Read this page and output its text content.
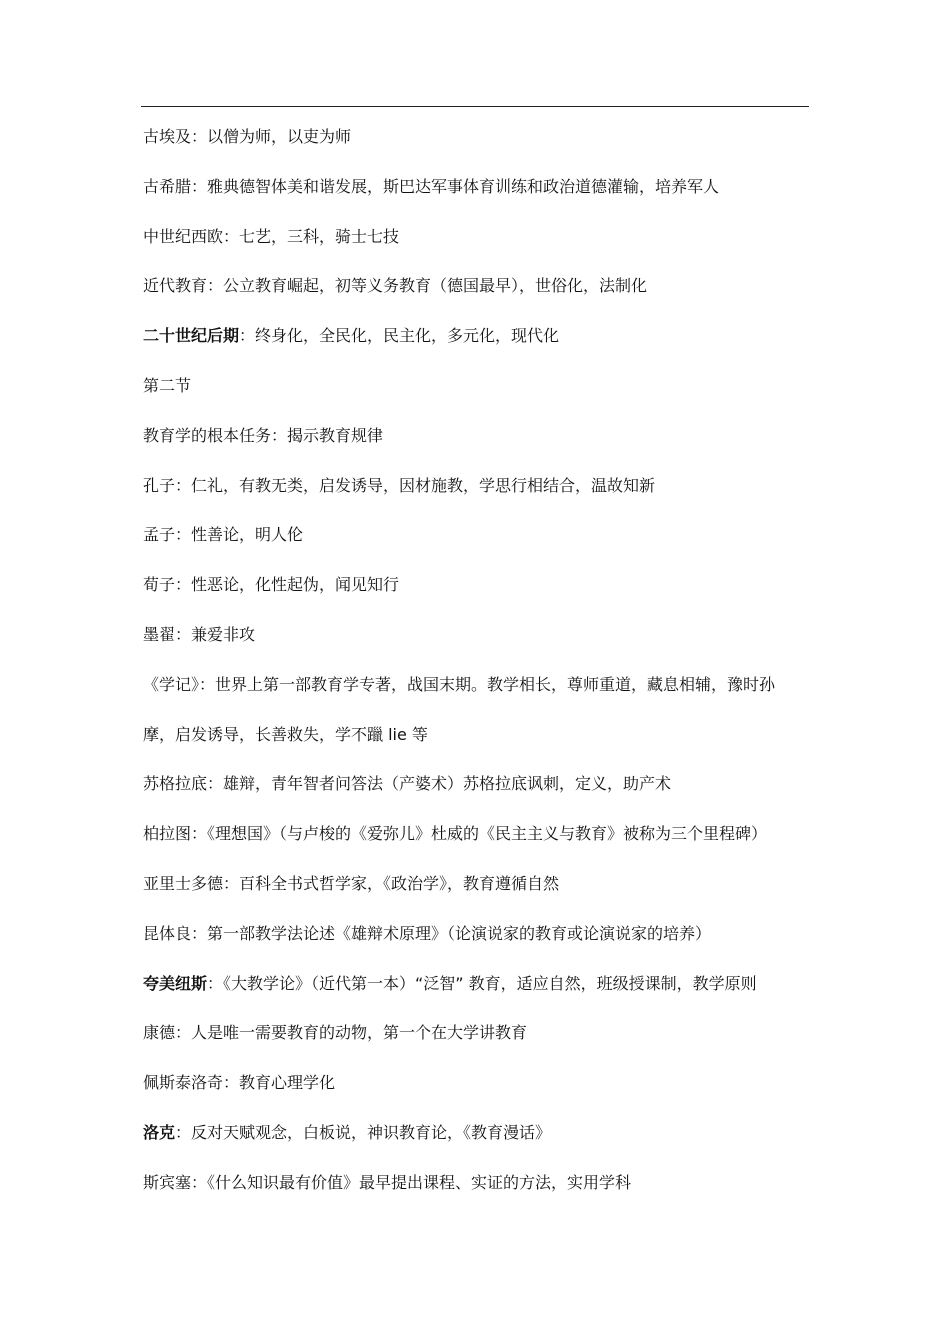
古埃及：以僧为师，以吏为师
古希腊：雅典德智体美和谐发展，斯巴达军事体育训练和政治道德灌输，培养军人
中世纪西欧：七艺，三科，骑士七技
近代教育：公立教育崛起，初等义务教育（德国最早），世俗化，法制化
二十世纪后期：终身化，全民化，民主化，多元化，现代化
第二节
教育学的根本任务：揭示教育规律
孔子：仁礼，有教无类，启发诱导，因材施教，学思行相结合，温故知新
孟子：性善论，明人伦
荀子：性恶论，化性起伪，闻见知行
墨翟：兼爱非攻
《学记》：世界上第一部教育学专著，战国末期。教学相长，尊师重道，藏息相辅，豫时孙
摩，启发诱导，长善救失，学不躐 lie 等
苏格拉底：雄辩，青年智者问答法（产婆术）苏格拉底讽刺，定义，助产术
柏拉图：《理想国》（与卢梭的《爱弥儿》杜威的《民主主义与教育》被称为三个里程碑）
亚里士多德：百科全书式哲学家，《政治学》，教育遵循自然
昆体良：第一部教学法论述《雄辩术原理》（论演说家的教育或论演说家的培养）
夸美纽斯：《大教学论》（近代第一本）“泛智” 教育，适应自然，班级授课制，教学原则
康德：人是唯一需要教育的动物，第一个在大学讲教育
佩斯泰洛奇：教育心理学化
洛克：反对天赋观念，白板说，神识教育论，《教育漫话》
斯宾塞：《什么知识最有价值》最早提出课程、实证的方法，实用学科
